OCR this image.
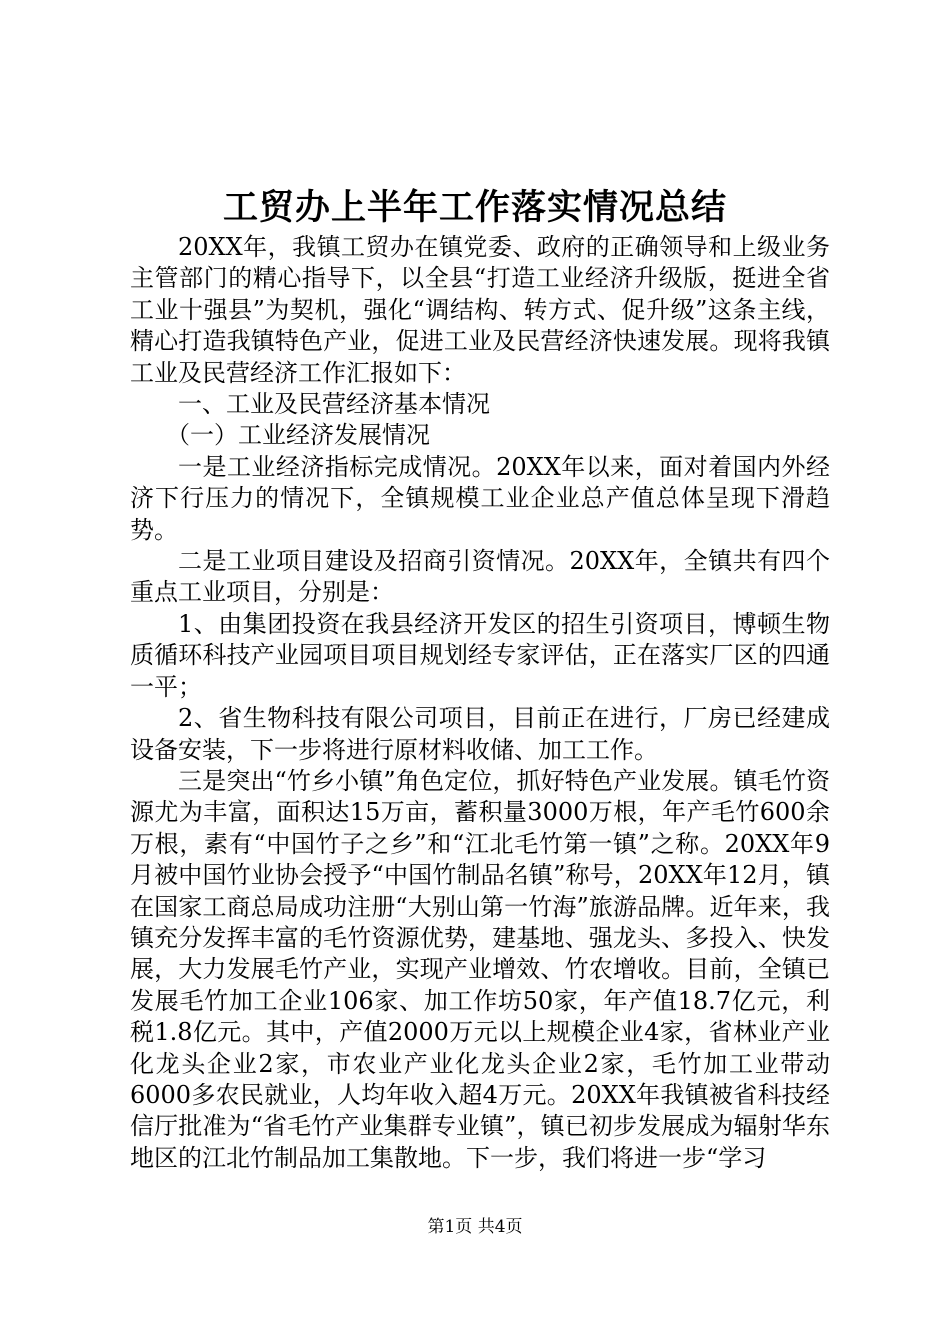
工贸办上半年工作落实情况总结

20XX年，我镇工贸办在镇党委、政府的正确领导和上级业务主管部门的精心指导下，以全县“打造工业经济升级版，挺进全省工业十强县”为契机，强化“调结构、转方式、促升级”这条主线，精心打造我镇特色产业，促进工业及民营经济快速发展。现将我镇工业及民营经济工作汇报如下：

一、工业及民营经济基本情况

（一）工业经济发展情况

一是工业经济指标完成情况。20XX年以来，面对着国内外经济下行压力的情况下，全镇规模工业企业总产值总体呈现下滑趋势。

二是工业项目建设及招商引资情况。20XX年，全镇共有四个重点工业项目，分别是：

1、由集团投资在我县经济开发区的招生引资项目，博顿生物质循环科技产业园项目项目规划经专家评估，正在落实厂区的四通一平；

2、省生物科技有限公司项目，目前正在进行，厂房已经建成设备安装，下一步将进行原材料收储、加工工作。

三是突出“竹乡小镇”角色定位，抓好特色产业发展。镇毛竹资源尤为丰富，面积达15万亩，蓄积量3000万根，年产毛竹600余万根，素有“中国竹子之乡”和“江北毛竹第一镇”之称。20XX年9月被中国竹业协会授予“中国竹制品名镇”称号，20XX年12月，镇在国家工商总局成功注册“大别山第一竹海”旅游品牌。近年来，我镇充分发挥丰富的毛竹资源优势，建基地、强龙头、多投入、快发展，大力发展毛竹产业，实现产业增效、竹农增收。目前，全镇已发展毛竹加工企业106家、加工作坊50家，年产值18.7亿元，利税1.8亿元。其中，产值2000万元以上规模企业4家，省林业产业化龙头企业2家，市农业产业化龙头企业2家，毛竹加工业带动6000多农民就业，人均年收入超4万元。20XX年我镇被省科技经信厅批准为“省毛竹产业集群专业镇”，镇已初步发展成为辐射华东地区的江北竹制品加工集散地。下一步，我们将进一步“学习

第1页 共4页
